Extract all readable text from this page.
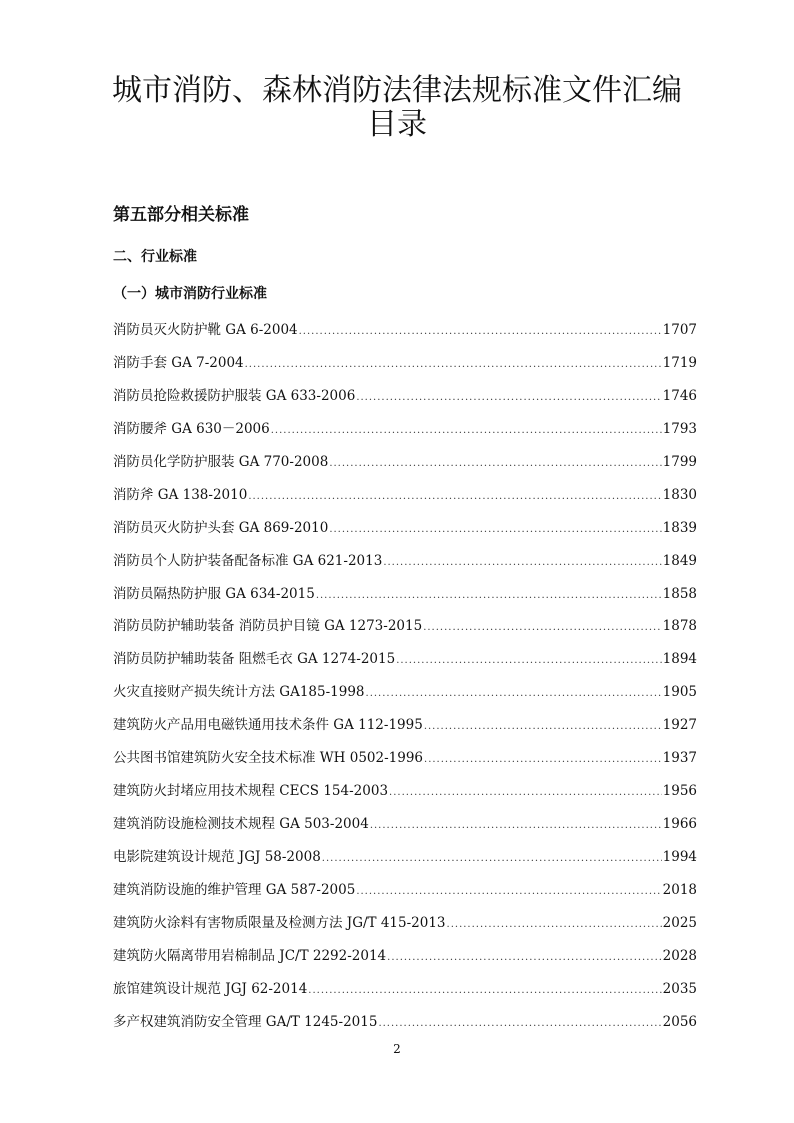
城市消防、森林消防法律法规标准文件汇编
目录
第五部分相关标准
二、行业标准
（一）城市消防行业标准
消防员灭火防护靴 GA 6-2004 .....	1707
消防手套 GA 7-2004 .....	1719
消防员抢险救援防护服装 GA 633-2006 .....	1746
消防腰斧 GA 630－2006 .....	1793
消防员化学防护服装 GA 770-2008 .....	1799
消防斧 GA 138-2010 .....	1830
消防员灭火防护头套 GA 869-2010 .....	1839
消防员个人防护装备配备标准 GA 621-2013 .....	1849
消防员隔热防护服 GA 634-2015 .....	1858
消防员防护辅助装备 消防员护目镜 GA 1273-2015 .....	1878
消防员防护辅助装备 阻燃毛衣 GA 1274-2015 .....	1894
火灾直接财产损失统计方法 GA185-1998 .....	1905
建筑防火产品用电磁铁通用技术条件 GA 112-1995 .....	1927
公共图书馆建筑防火安全技术标准 WH 0502-1996 .....	1937
建筑防火封堵应用技术规程 CECS 154-2003 .....	1956
建筑消防设施检测技术规程 GA 503-2004 .....	1966
电影院建筑设计规范 JGJ 58-2008 .....	1994
建筑消防设施的维护管理 GA 587-2005 .....	2018
建筑防火涂料有害物质限量及检测方法 JG/T 415-2013 .....	2025
建筑防火隔离带用岩棉制品 JC/T 2292-2014 .....	2028
旅馆建筑设计规范 JGJ 62-2014 .....	2035
多产权建筑消防安全管理 GA/T 1245-2015 .....	2056
2
